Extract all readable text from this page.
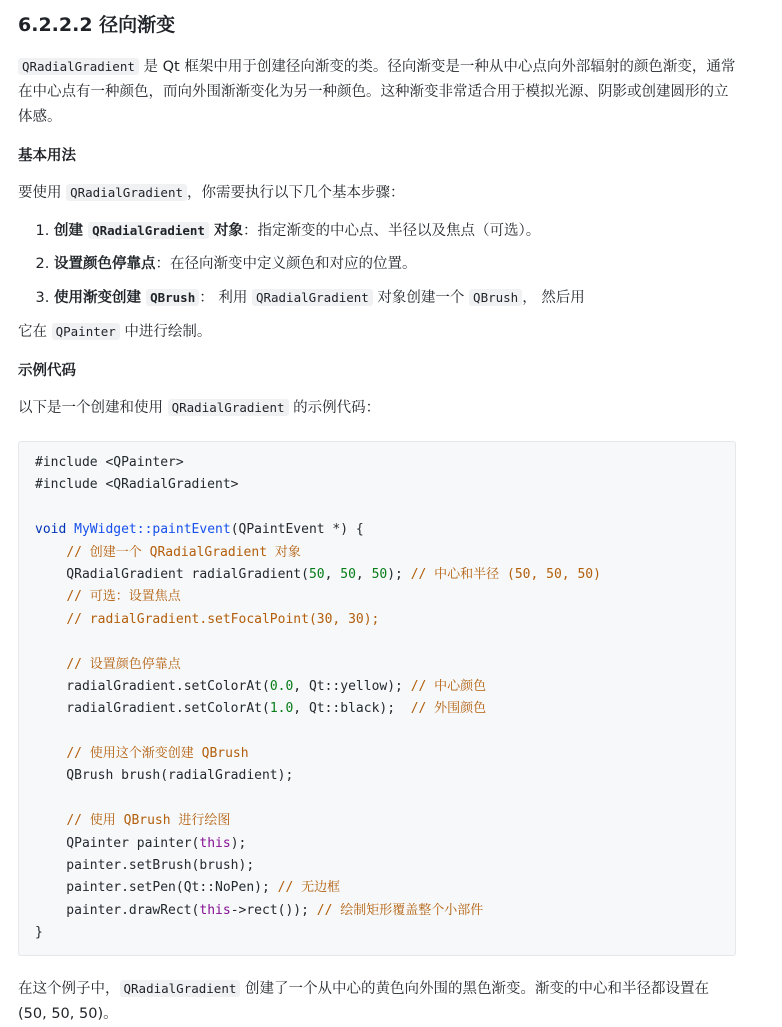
6.2.2.2 径向渐变

QRadialGradient 是 Qt 框架中用于创建径向渐变的类。径向渐变是一种从中心点向外部辐射的颜色渐变，通常在中心点有一种颜色，而向外围渐渐变化为另一种颜色。这种渐变非常适合用于模拟光源、阴影或创建圆形的立体感。

基本用法

要使用 QRadialGradient ，你需要执行以下几个基本步骤：

1. 创建 QRadialGradient 对象：指定渐变的中心点、半径以及焦点（可选）。
2. 设置颜色停靠点：在径向渐变中定义颜色和对应的位置。
3. 使用渐变创建 QBrush ： 利用 QRadialGradient 对象创建一个 QBrush ， 然后用

它在 QPainter 中进行绘制。

示例代码

以下是一个创建和使用 QRadialGradient 的示例代码：

#include <QPainter>
#include <QRadialGradient>
void MyWidget::paintEvent(QPaintEvent *) {
// 创建一个 QRadialGradient 对象
QRadialGradient radialGradient(50, 50, 50); // 中心和半径 (50, 50, 50)
// 可选：设置焦点
// radialGradient.setFocalPoint(30, 30);
// 设置颜色停靠点
radialGradient.setColorAt(0.0, Qt::yellow); // 中心颜色
radialGradient.setColorAt(1.0, Qt::black);  // 外围颜色
// 使用这个渐变创建 QBrush
QBrush brush(radialGradient);
// 使用 QBrush 进行绘图
QPainter painter(this);
painter.setBrush(brush);
painter.setPen(Qt::NoPen); // 无边框
painter.drawRect(this->rect()); // 绘制矩形覆盖整个小部件
}

在这个例子中， QRadialGradient 创建了一个从中心的黄色向外围的黑色渐变。渐变的中心和半径都设置在 (50, 50, 50)。
